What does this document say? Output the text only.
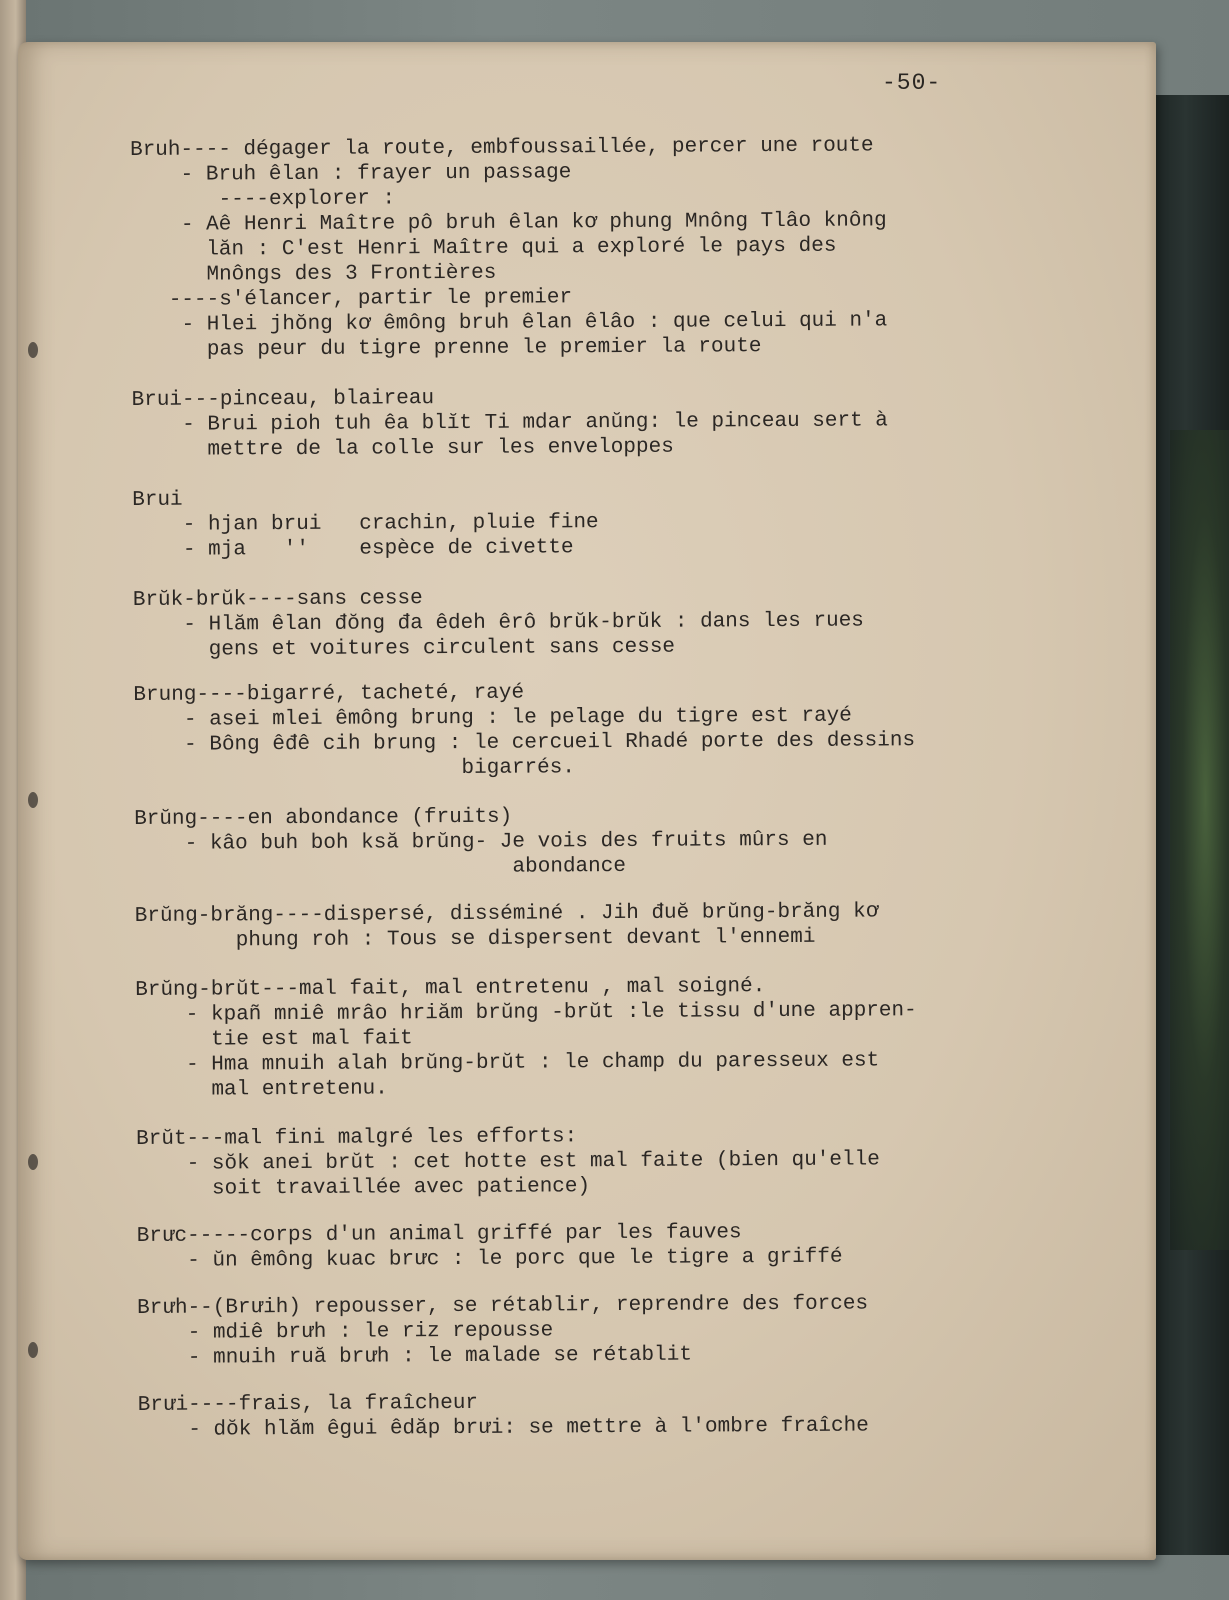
-50-
Bruh---- dégager la route, embfoussaillée, percer une route
- Bruh êlan : frayer un passage
----explorer :
- Aê Henri Maître pô bruh êlan kơ phung Mnông Tlâo knông
lăn : C'est Henri Maître qui a exploré le pays des
Mnôngs des 3 Frontières
----s'élancer, partir le premier
- Hlei jhŏng kơ êmông bruh êlan êlâo : que celui qui n'a
pas peur du tigre prenne le premier la route
Brui---pinceau, blaireau
- Brui pioh tuh êa blĭt Ti mdar anŭng: le pinceau sert à
mettre de la colle sur les enveloppes
Brui
- hjan brui   crachin, pluie fine
- mja   ''    espèce de civette
Brŭk-brŭk----sans cesse
- Hlăm êlan đŏng đa êdeh êrô brŭk-brŭk : dans les rues
gens et voitures circulent sans cesse
Brung----bigarré, tacheté, rayé
- asei mlei êmông brung : le pelage du tigre est rayé
- Bông êđê cih brung : le cercueil Rhadé porte des dessins
bigarrés.
Brŭng----en abondance (fruits)
- kâo buh boh ksă brŭng- Je vois des fruits mûrs en
abondance
Brŭng-brăng----dispersé, disséminé . Jih đuĕ brŭng-brăng kơ
phung roh : Tous se dispersent devant l'ennemi
Brŭng-brŭt---mal fait, mal entretenu , mal soigné.
- kpañ mniê mrâo hriăm brŭng -brŭt :le tissu d'une appren-
tie est mal fait
- Hma mnuih alah brŭng-brŭt : le champ du paresseux est
mal entretenu.
Brŭt---mal fini malgré les efforts:
- sŏk anei brŭt : cet hotte est mal faite (bien qu'elle
soit travaillée avec patience)
Brưc-----corps d'un animal griffé par les fauves
- ŭn êmông kuac brưc : le porc que le tigre a griffé
Brưh--(Brưih) repousser, se rétablir, reprendre des forces
- mdiê brưh : le riz repousse
- mnuih ruă brưh : le malade se rétablit
Brưi----frais, la fraîcheur
- dŏk hlăm êgui êdăp brưi: se mettre à l'ombre fraîche
